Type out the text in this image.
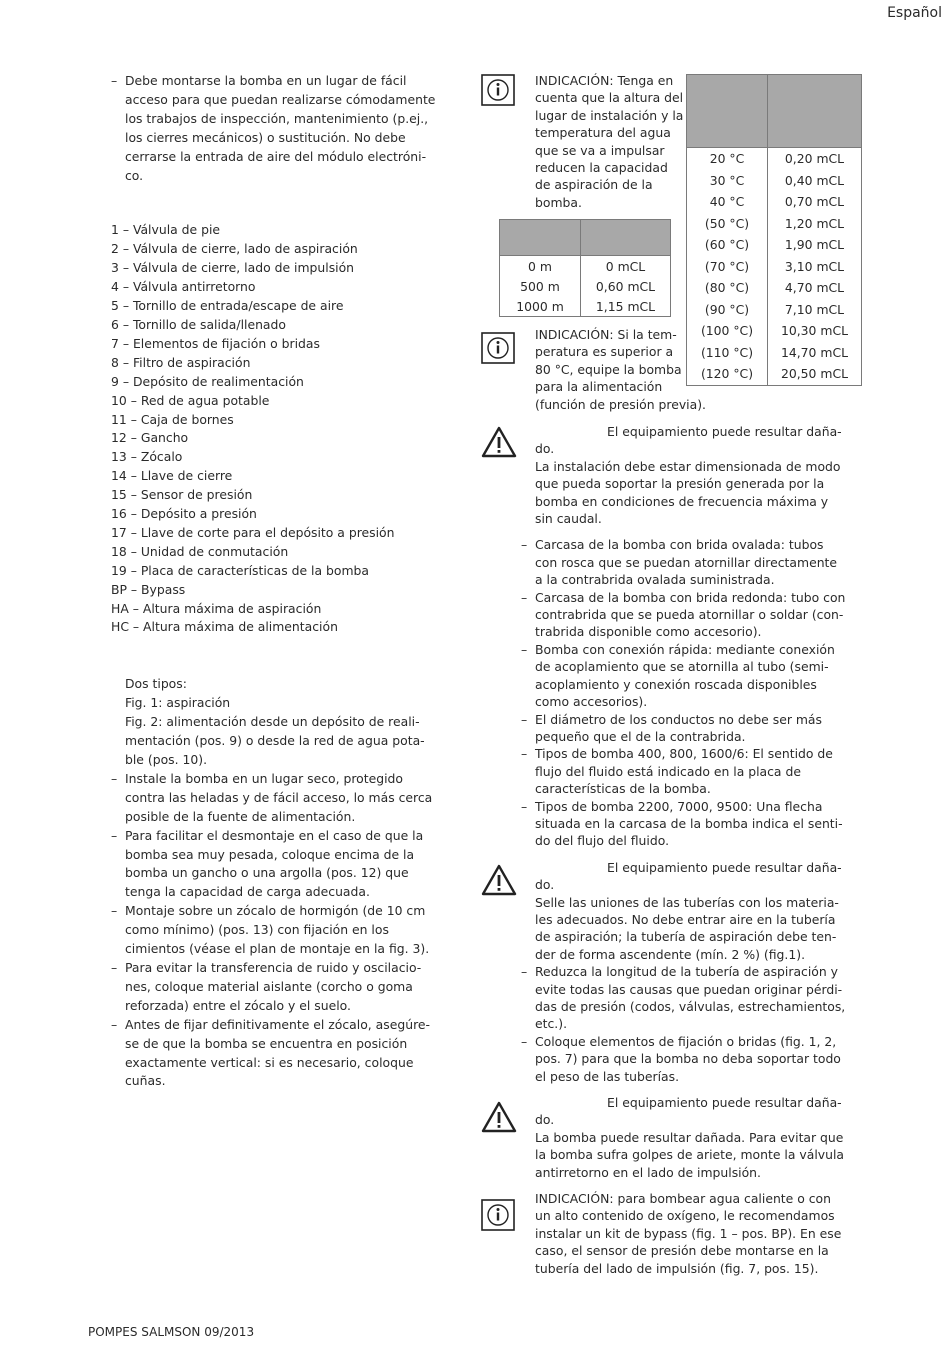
Español
– Debe montarse la bomba en un lugar de fácil
acceso para que puedan realizarse cómodamente
los trabajos de inspección, mantenimiento (p.ej.,
los cierres mecánicos) o sustitución. No debe
cerrarse la entrada de aire del módulo electróni-
co.
1 – Válvula de pie
2 – Válvula de cierre, lado de aspiración
3 – Válvula de cierre, lado de impulsión
4 – Válvula antirretorno
5 – Tornillo de entrada/escape de aire
6 – Tornillo de salida/llenado
7 – Elementos de fijación o bridas
8 – Filtro de aspiración
9 – Depósito de realimentación
10 – Red de agua potable
11 – Caja de bornes
12 – Gancho
13 – Zócalo
14 – Llave de cierre
15 – Sensor de presión
16 – Depósito a presión
17 – Llave de corte para el depósito a presión
18 – Unidad de conmutación
19 – Placa de características de la bomba
BP – Bypass
HA – Altura máxima de aspiración
HC – Altura máxima de alimentación
Dos tipos:
Fig. 1: aspiración
Fig. 2: alimentación desde un depósito de reali-
mentación (pos. 9) o desde la red de agua pota-
ble (pos. 10).
– Instale la bomba en un lugar seco, protegido
contra las heladas y de fácil acceso, lo más cerca
posible de la fuente de alimentación.
– Para facilitar el desmontaje en el caso de que la
bomba sea muy pesada, coloque encima de la
bomba un gancho o una argolla (pos. 12) que
tenga la capacidad de carga adecuada.
– Montaje sobre un zócalo de hormigón (de 10 cm
como mínimo) (pos. 13) con fijación en los
cimientos (véase el plan de montaje en la fig. 3).
– Para evitar la transferencia de ruido y oscilacio-
nes, coloque material aislante (corcho o goma
reforzada) entre el zócalo y el suelo.
– Antes de fijar definitivamente el zócalo, asegúre-
se de que la bomba se encuentra en posición
exactamente vertical: si es necesario, coloque
cuñas.
INDICACIÓN: Tenga en
cuenta que la altura del
lugar de instalación y la
temperatura del agua
que se va a impulsar
reducen la capacidad
de aspiración de la
bomba.

0 m	0 mCL
500 m	0,60 mCL
1000 m	1,15 mCL

20 °C	0,20 mCL
30 °C	0,40 mCL
40 °C	0,70 mCL
(50 °C)	1,20 mCL
(60 °C)	1,90 mCL
(70 °C)	3,10 mCL
(80 °C)	4,70 mCL
(90 °C)	7,10 mCL
(100 °C)	10,30 mCL
(110 °C)	14,70 mCL
(120 °C)	20,50 mCL
INDICACIÓN: Si la tem-
peratura es superior a
80 °C, equipe la bomba
para la alimentación
(función de presión previa).
El equipamiento puede resultar daña-
do.
La instalación debe estar dimensionada de modo
que pueda soportar la presión generada por la
bomba en condiciones de frecuencia máxima y
sin caudal.
– Carcasa de la bomba con brida ovalada: tubos
con rosca que se puedan atornillar directamente
a la contrabrida ovalada suministrada.
– Carcasa de la bomba con brida redonda: tubo con
contrabrida que se pueda atornillar o soldar (con-
trabrida disponible como accesorio).
– Bomba con conexión rápida: mediante conexión
de acoplamiento que se atornilla al tubo (semi-
acoplamiento y conexión roscada disponibles
como accesorios).
– El diámetro de los conductos no debe ser más
pequeño que el de la contrabrida.
– Tipos de bomba 400, 800, 1600/6: El sentido de
flujo del fluido está indicado en la placa de
características de la bomba.
– Tipos de bomba 2200, 7000, 9500: Una flecha
situada en la carcasa de la bomba indica el senti-
do del flujo del fluido.
El equipamiento puede resultar daña-
do.
Selle las uniones de las tuberías con los materia-
les adecuados. No debe entrar aire en la tubería
de aspiración; la tubería de aspiración debe ten-
der de forma ascendente (mín. 2 %) (fig.1).
– Reduzca la longitud de la tubería de aspiración y
evite todas las causas que puedan originar pérdi-
das de presión (codos, válvulas, estrechamientos,
etc.).
– Coloque elementos de fijación o bridas (fig. 1, 2,
pos. 7) para que la bomba no deba soportar todo
el peso de las tuberías.
El equipamiento puede resultar daña-
do.
La bomba puede resultar dañada. Para evitar que
la bomba sufra golpes de ariete, monte la válvula
antirretorno en el lado de impulsión.
INDICACIÓN: para bombear agua caliente o con
un alto contenido de oxígeno, le recomendamos
instalar un kit de bypass (fig. 1 – pos. BP). En ese
caso, el sensor de presión debe montarse en la
tubería del lado de impulsión (fig. 7, pos. 15).
POMPES SALMSON 09/2013
